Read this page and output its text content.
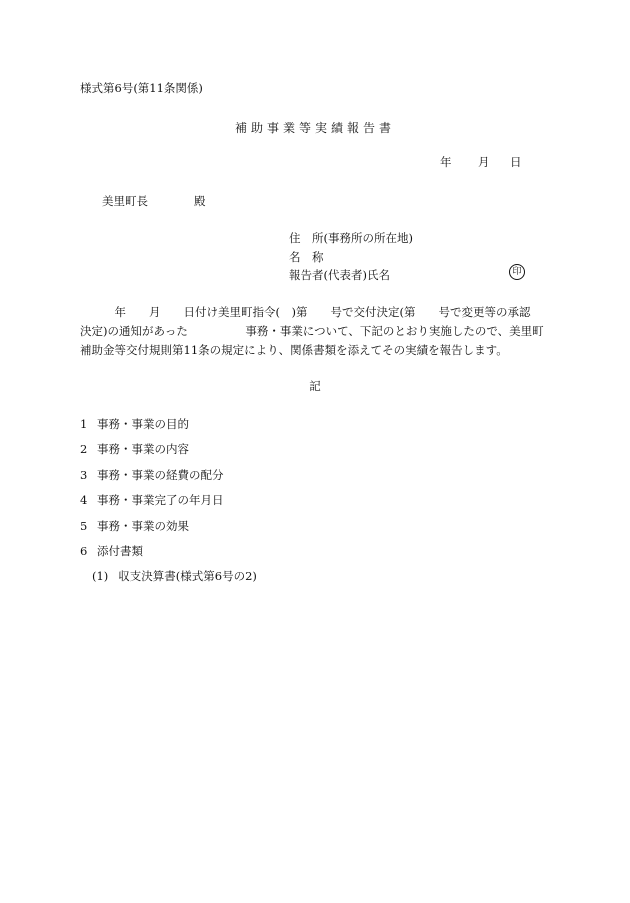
様式第6号(第11条関係)
補助事業等実績報告書
年 月 日
美里町長	殿
住　所(事務所の所在地)
名　称
報告者(代表者)氏名	印
　　　年　　月　　日付け美里町指令(　)第　　号で交付決定(第　　号で変更等の承認
決定)の通知があった　　　　　事務・事業について、下記のとおり実施したので、美里町
補助金等交付規則第11条の規定により、関係書類を添えてその実績を報告します。
記
1 事務・事業の目的
2 事務・事業の内容
3 事務・事業の経費の配分
4 事務・事業完了の年月日
5 事務・事業の効果
6 添付書類
(1) 収支決算書(様式第6号の2)
